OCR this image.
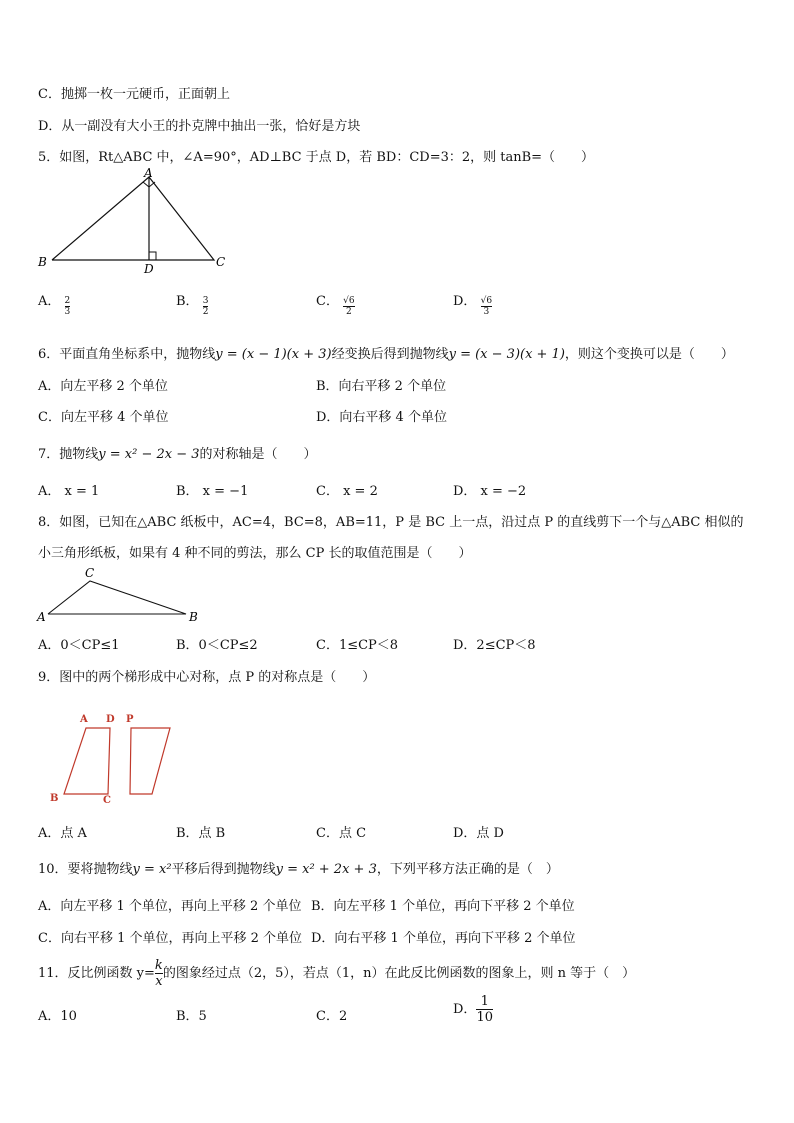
C．抛掷一枚一元硬币，正面朝上
D．从一副没有大小王的扑克牌中抽出一张，恰好是方块
5．如图，Rt△ABC 中，∠A=90°，AD⊥BC 于点 D，若 BD：CD=3：2，则 tanB=（　　）
A
B	D	C
A． $\frac{2}{3}$	B． $\frac{3}{2}$	C． $\frac{√6}{2}$	D． $\frac{√6}{3}$
6．平面直角坐标系中，抛物线y = (x − 1)(x + 3)经变换后得到抛物线y = (x − 3)(x + 1)，则这个变换可以是（　　）
A．向左平移 2 个单位	B．向右平移 2 个单位
C．向左平移 4 个单位	D．向右平移 4 个单位
7．抛物线y = x² − 2x − 3的对称轴是（　　）
A． x = 1	B． x = −1	C． x = 2	D． x = −2
8．如图，已知在△ABC 纸板中，AC=4，BC=8，AB=11，P 是 BC 上一点，沿过点 P 的直线剪下一个与△ABC 相似的
小三角形纸板，如果有 4 种不同的剪法，那么 CP 长的取值范围是（　　）
C
A	B
A．0＜CP≤1	B．0＜CP≤2	C．1≤CP＜8	D．2≤CP＜8
9．图中的两个梯形成中心对称，点 P 的对称点是（　　）
A D P
B	C
A．点 A	B．点 B	C．点 C	D．点 D
10．要将抛物线y = x²平移后得到抛物线y = x² + 2x + 3，下列平移方法正确的是（　）
A．向左平移 1 个单位，再向上平移 2 个单位 B．向左平移 1 个单位，再向下平移 2 个单位
C．向右平移 1 个单位，再向上平移 2 个单位 D．向右平移 1 个单位，再向下平移 2 个单位
11．反比例函数 $y= \frac{k}{x}$ 的图象经过点（2，5），若点（1，n）在此反比例函数的图象上，则 n 等于（　）
A．10	B．5	C．2	D． $\frac{1}{10}$
